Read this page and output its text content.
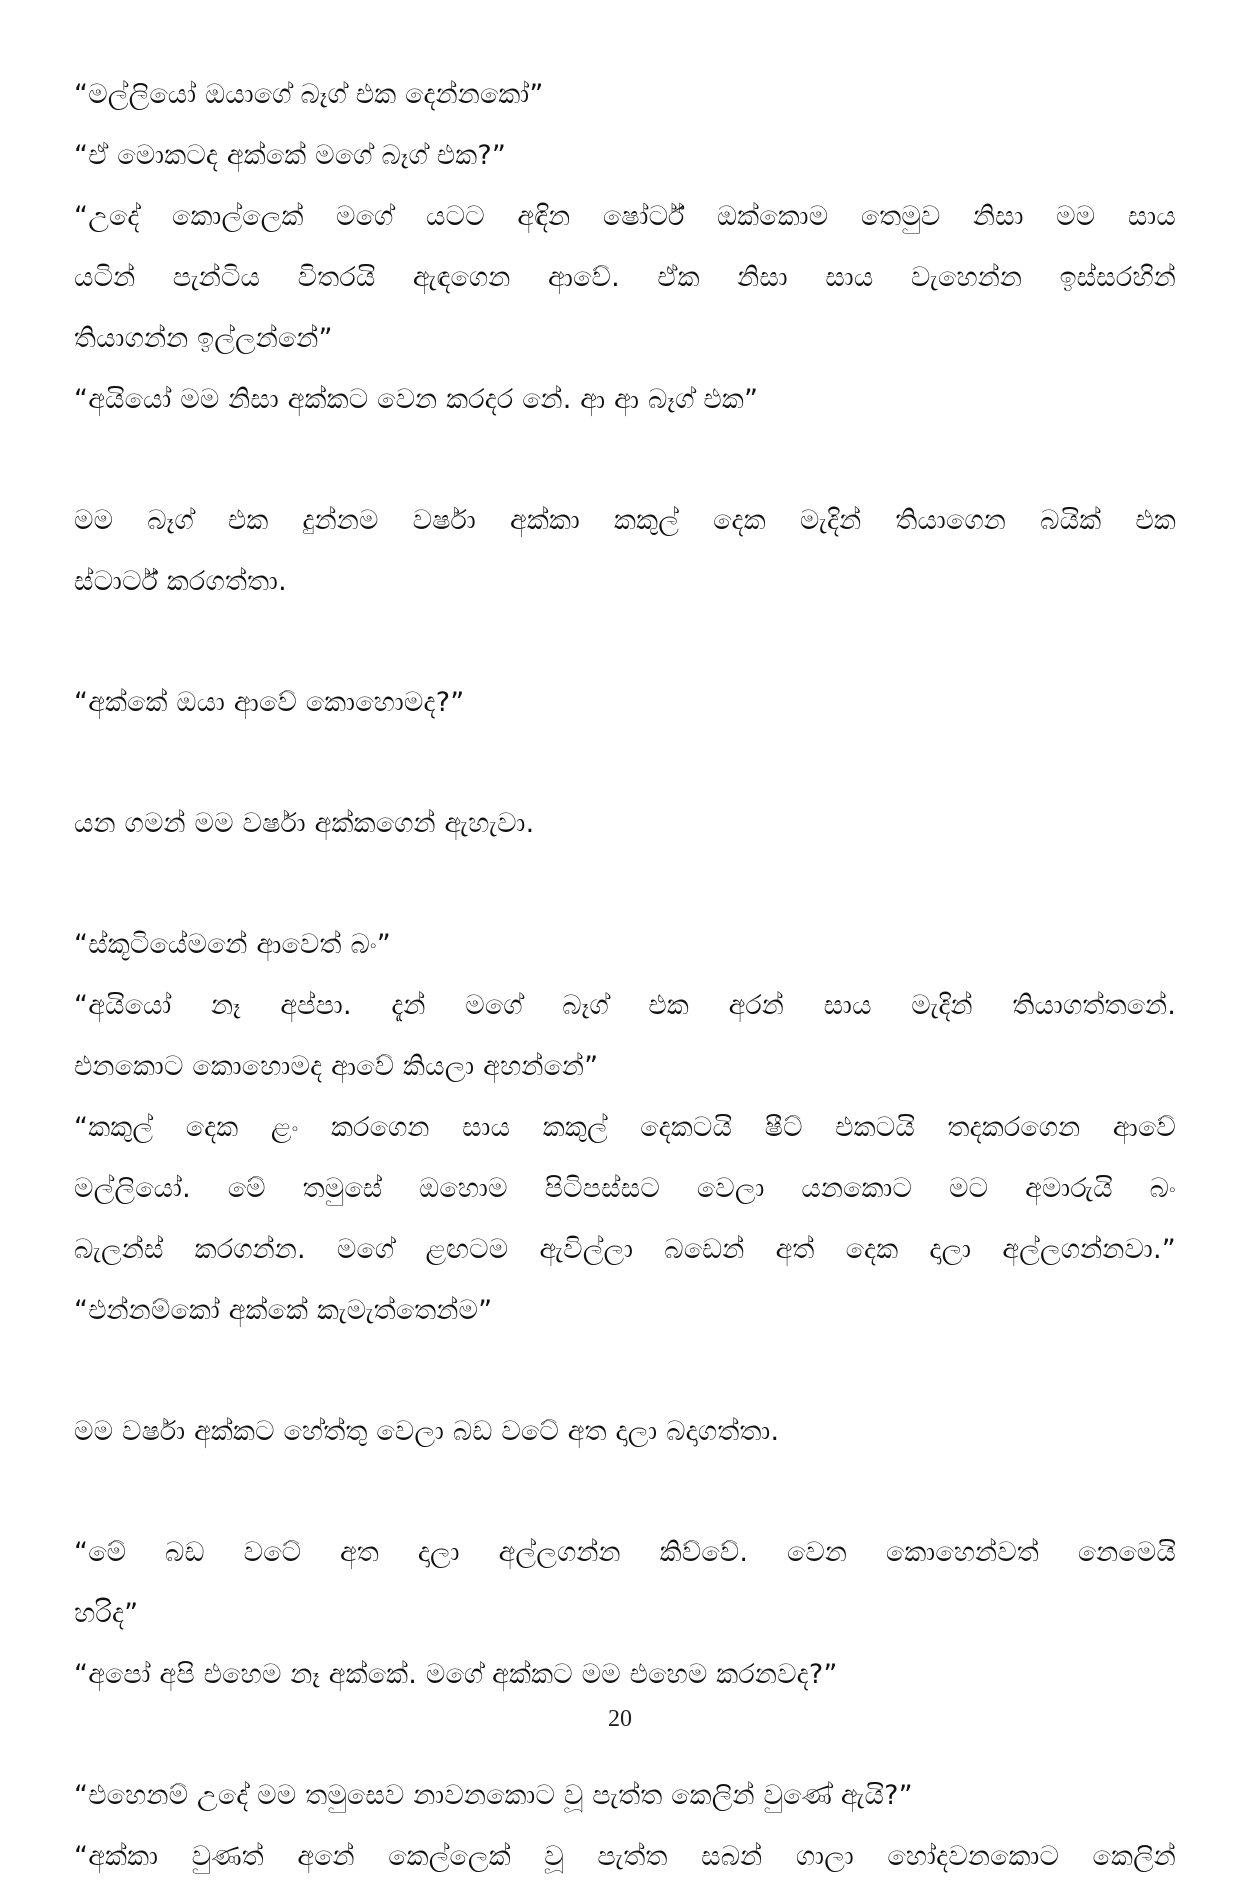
“මල්ලියෝ ඔයාගේ බෑග් එක දෙන්නකෝ”
“ඒ මොකටද අක්කේ මගේ බෑග් එක?”
“උදේ කොල්ලෙක් මගේ යටට අඳින ෂෝර්ට් ඔක්කොම තෙමුව නිසා මම සාය
යටින් පැන්ටිය විතරයි ඇඳගෙන ආවේ. ඒක නිසා සාය වැහෙන්න ඉස්සරහින්
තියාගන්න ඉල්ලන්නේ”
“අයියෝ මම නිසා අක්කට වෙන කරදර නේ. ආ ආ බෑග් එක”
මම බෑග් එක දුන්නම වර්ෂා අක්කා කකුල් දෙක මැදින් තියාගෙන බයික් එක
ස්ටාර්ට් කරගත්තා.
“අක්කේ ඔයා ආවේ කොහොමද?”
යන ගමන් මම වර්ෂා අක්කගෙන් ඇහැවා.
“ස්කූටියේමනේ ආවෙත් බං”
“අයියෝ නෑ අප්පා. දැන් මගේ බෑග් එක අරන් සාය මැදින් තියාගත්තනේ.
එනකොට කොහොමද ආවේ කියලා අහන්නේ”
“කකුල් දෙක ළං කරගෙන සාය කකුල් දෙකටයි ෂීට් එකටයි තදකරගෙන ආවේ
මල්ලියෝ. මේ තමුසේ ඔහොම පිටිපස්සට වෙලා යනකොට මට අමාරුයි බං
බැලන්ස් කරගන්න. මගේ ළඟටම ඇවිල්ලා බඩෙන් අත් දෙක දාලා අල්ලගන්නවා.”
“එන්නම්කෝ අක්කේ කැමැත්තෙන්ම”
මම වර්ෂා අක්කට හේත්තු වෙලා බඩ වටේ අත දාලා බදාගත්තා.
“මේ බඩ වටේ අත දාලා අල්ලගන්න කිව්වේ. වෙන කොහෙන්වත් නෙමෙයි
හරිද”
“අපෝ අපි එහෙම නෑ අක්කේ. මගේ අක්කට මම එහෙම කරනවද?”
“එහෙනම් උදේ මම තමුසෙව නාවනකොට වූ පැත්ත කෙලින් වුණේ ඇයි?”
“අක්කා වුණත් අනේ කෙල්ලෙක් වූ පැත්ත සබන් ගාලා හෝදවනකොට කෙලින්
20
